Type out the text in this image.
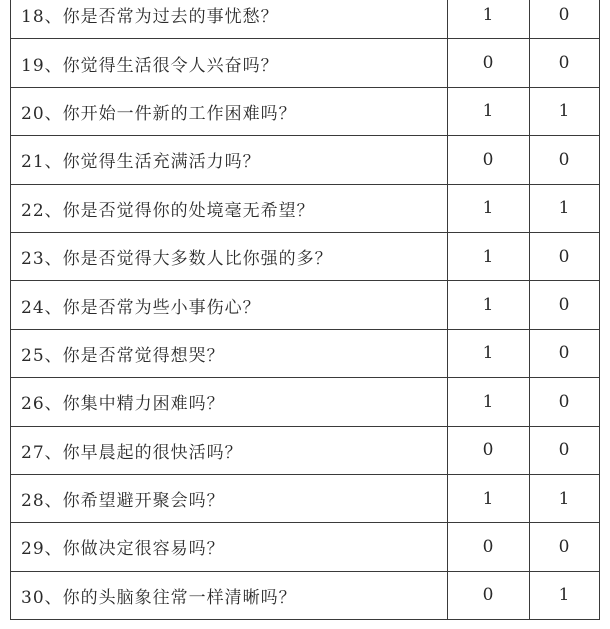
18、你是否常为过去的事忧愁？	1	0
19、你觉得生活很令人兴奋吗？	0	0
20、你开始一件新的工作困难吗？	1	1
21、你觉得生活充满活力吗？	0	0
22、你是否觉得你的处境毫无希望？	1	1
23、你是否觉得大多数人比你强的多？	1	0
24、你是否常为些小事伤心？	1	0
25、你是否常觉得想哭？	1	0
26、你集中精力困难吗？	1	0
27、你早晨起的很快活吗？	0	0
28、你希望避开聚会吗？	1	1
29、你做决定很容易吗？	0	0
30、你的头脑象往常一样清晰吗？	0	1
